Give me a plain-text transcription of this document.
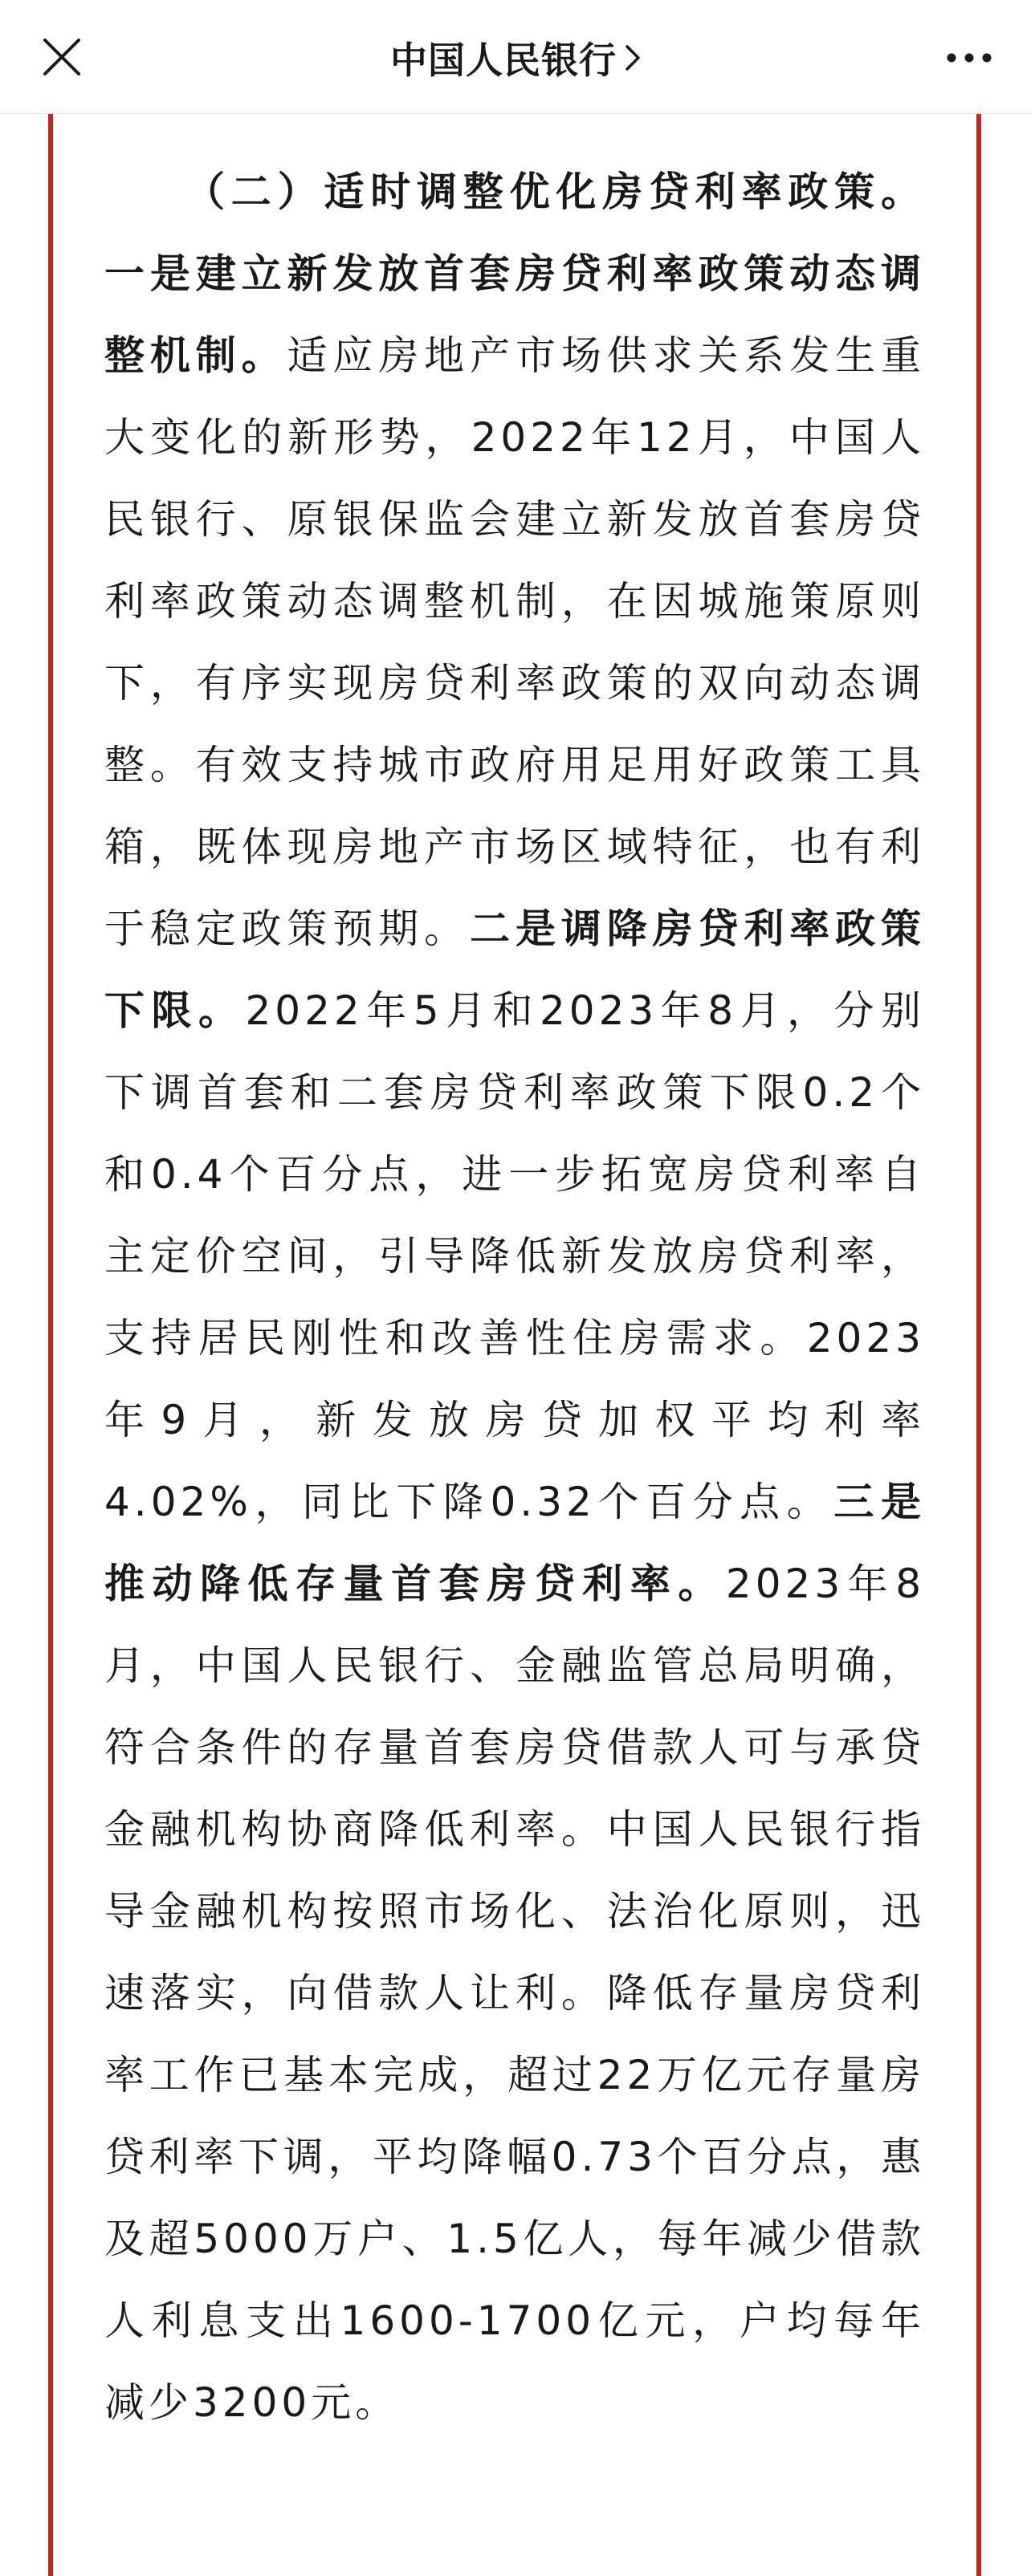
中国人民银行

（二）适时调整优化房贷利率政策。一是建立新发放首套房贷利率政策动态调整机制。适应房地产市场供求关系发生重大变化的新形势，2022年12月，中国人民银行、原银保监会建立新发放首套房贷利率政策动态调整机制，在因城施策原则下，有序实现房贷利率政策的双向动态调整。有效支持城市政府用足用好政策工具箱，既体现房地产市场区域特征，也有利于稳定政策预期。二是调降房贷利率政策下限。2022年5月和2023年8月，分别下调首套和二套房贷利率政策下限0.2个和0.4个百分点，进一步拓宽房贷利率自主定价空间，引导降低新发放房贷利率，支持居民刚性和改善性住房需求。2023年9月，新发放房贷加权平均利率4.02%，同比下降0.32个百分点。三是推动降低存量首套房贷利率。2023年8月，中国人民银行、金融监管总局明确，符合条件的存量首套房贷借款人可与承贷金融机构协商降低利率。中国人民银行指导金融机构按照市场化、法治化原则，迅速落实，向借款人让利。降低存量房贷利率工作已基本完成，超过22万亿元存量房贷利率下调，平均降幅0.73个百分点，惠及超5000万户、1.5亿人，每年减少借款人利息支出1600-1700亿元，户均每年减少3200元。
